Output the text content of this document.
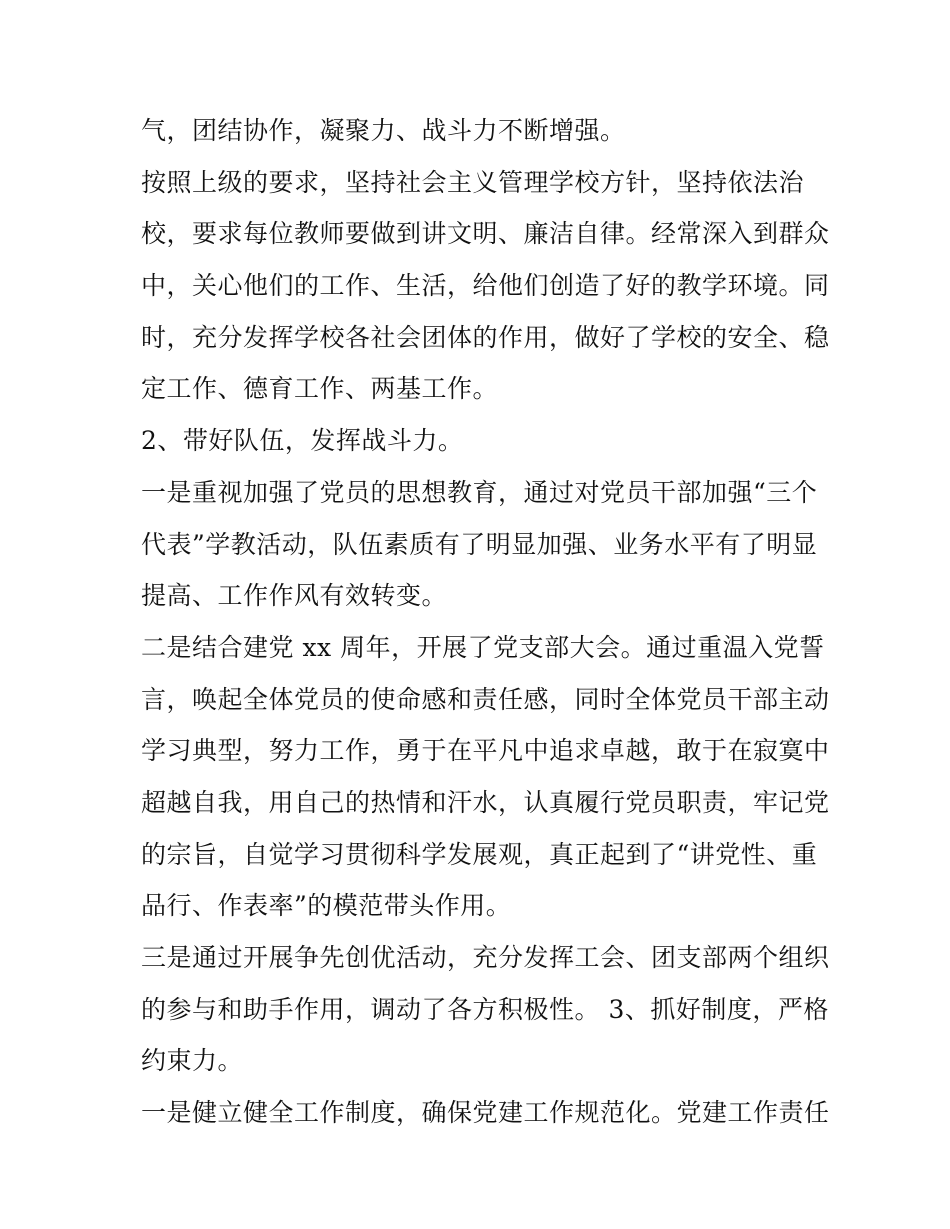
气，团结协作，凝聚力、战斗力不断增强。
按照上级的要求，坚持社会主义管理学校方针，坚持依法治
校，要求每位教师要做到讲文明、廉洁自律。经常深入到群众
中，关心他们的工作、生活，给他们创造了好的教学环境。同
时，充分发挥学校各社会团体的作用，做好了学校的安全、稳
定工作、德育工作、两基工作。
2、带好队伍，发挥战斗力。
一是重视加强了党员的思想教育，通过对党员干部加强“三个
代表”学教活动，队伍素质有了明显加强、业务水平有了明显
提高、工作作风有效转变。
二是结合建党 xx 周年，开展了党支部大会。通过重温入党誓
言，唤起全体党员的使命感和责任感，同时全体党员干部主动
学习典型，努力工作，勇于在平凡中追求卓越，敢于在寂寞中
超越自我，用自己的热情和汗水，认真履行党员职责，牢记党
的宗旨，自觉学习贯彻科学发展观，真正起到了“讲党性、重
品行、作表率”的模范带头作用。
三是通过开展争先创优活动，充分发挥工会、团支部两个组织
的参与和助手作用，调动了各方积极性。 3、抓好制度，严格
约束力。
一是健立健全工作制度，确保党建工作规范化。党建工作责任
